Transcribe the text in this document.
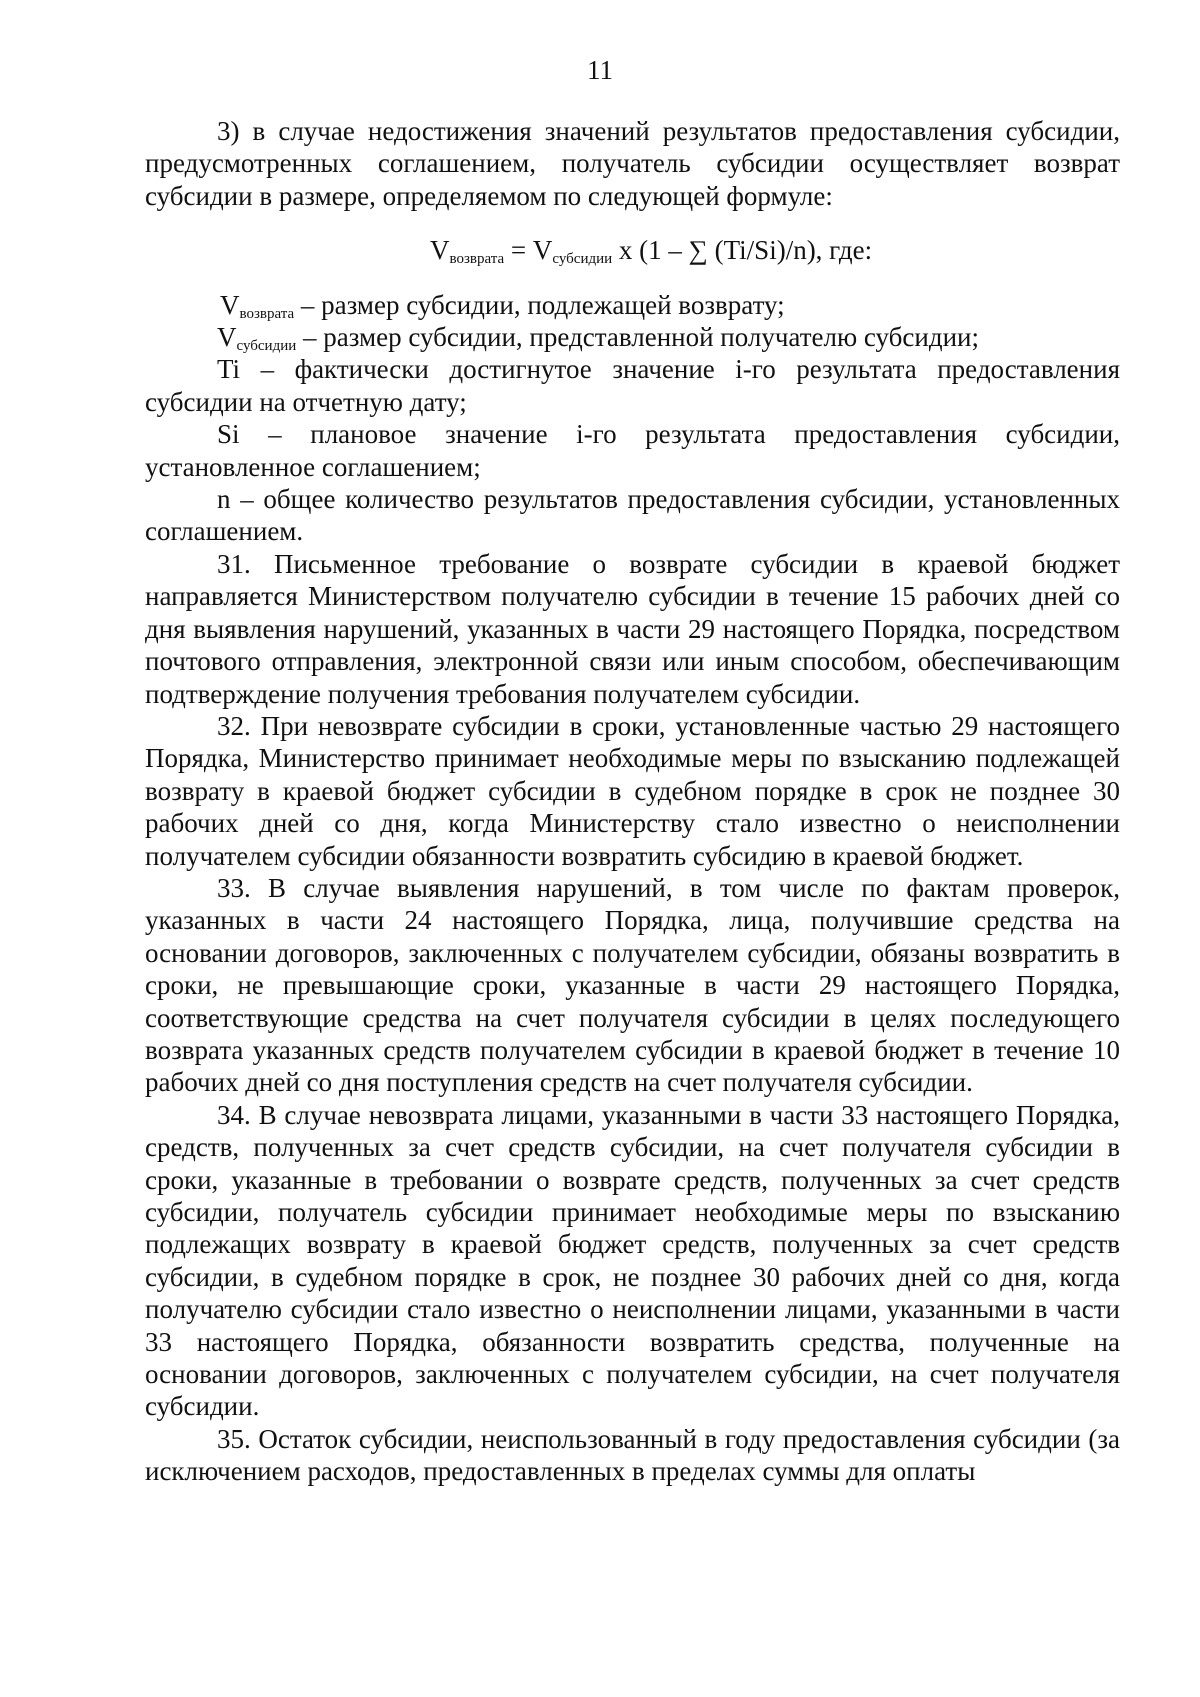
11

3) в случае недостижения значений результатов предоставления субсидии, предусмотренных соглашением, получатель субсидии осуществляет возврат субсидии в размере, определяемом по следующей формуле:

$V_{возврата} = V_{субсидии}$ х (1 – ∑ (Ti/Si)/n), где:

$V_{возврата}$ – размер субсидии, подлежащей возврату;

$V_{субсидии}$ – размер субсидии, представленной получателю субсидии;

Ti – фактически достигнутое значение i-го результата предоставления субсидии на отчетную дату;

Si – плановое значение i-го результата предоставления субсидии, установленное соглашением;

n – общее количество результатов предоставления субсидии, установленных соглашением.

31. Письменное требование о возврате субсидии в краевой бюджет направляется Министерством получателю субсидии в течение 15 рабочих дней со дня выявления нарушений, указанных в части 29 настоящего Порядка, посредством почтового отправления, электронной связи или иным способом, обеспечивающим подтверждение получения требования получателем субсидии.

32. При невозврате субсидии в сроки, установленные частью 29 настоящего Порядка, Министерство принимает необходимые меры по взысканию подлежащей возврату в краевой бюджет субсидии в судебном порядке в срок не позднее 30 рабочих дней со дня, когда Министерству стало известно о неисполнении получателем субсидии обязанности возвратить субсидию в краевой бюджет.

33. В случае выявления нарушений, в том числе по фактам проверок, указанных в части 24 настоящего Порядка, лица, получившие средства на основании договоров, заключенных с получателем субсидии, обязаны возвратить в сроки, не превышающие сроки, указанные в части 29 настоящего Порядка, соответствующие средства на счет получателя субсидии в целях последующего возврата указанных средств получателем субсидии в краевой бюджет в течение 10 рабочих дней со дня поступления средств на счет получателя субсидии.

34. В случае невозврата лицами, указанными в части 33 настоящего Порядка, средств, полученных за счет средств субсидии, на счет получателя субсидии в сроки, указанные в требовании о возврате средств, полученных за счет средств субсидии, получатель субсидии принимает необходимые меры по взысканию подлежащих возврату в краевой бюджет средств, полученных за счет средств субсидии, в судебном порядке в срок, не позднее 30 рабочих дней со дня, когда получателю субсидии стало известно о неисполнении лицами, указанными в части 33 настоящего Порядка, обязанности возвратить средства, полученные на основании договоров, заключенных с получателем субсидии, на счет получателя субсидии.

35. Остаток субсидии, неиспользованный в году предоставления субсидии (за исключением расходов, предоставленных в пределах суммы для оплаты
